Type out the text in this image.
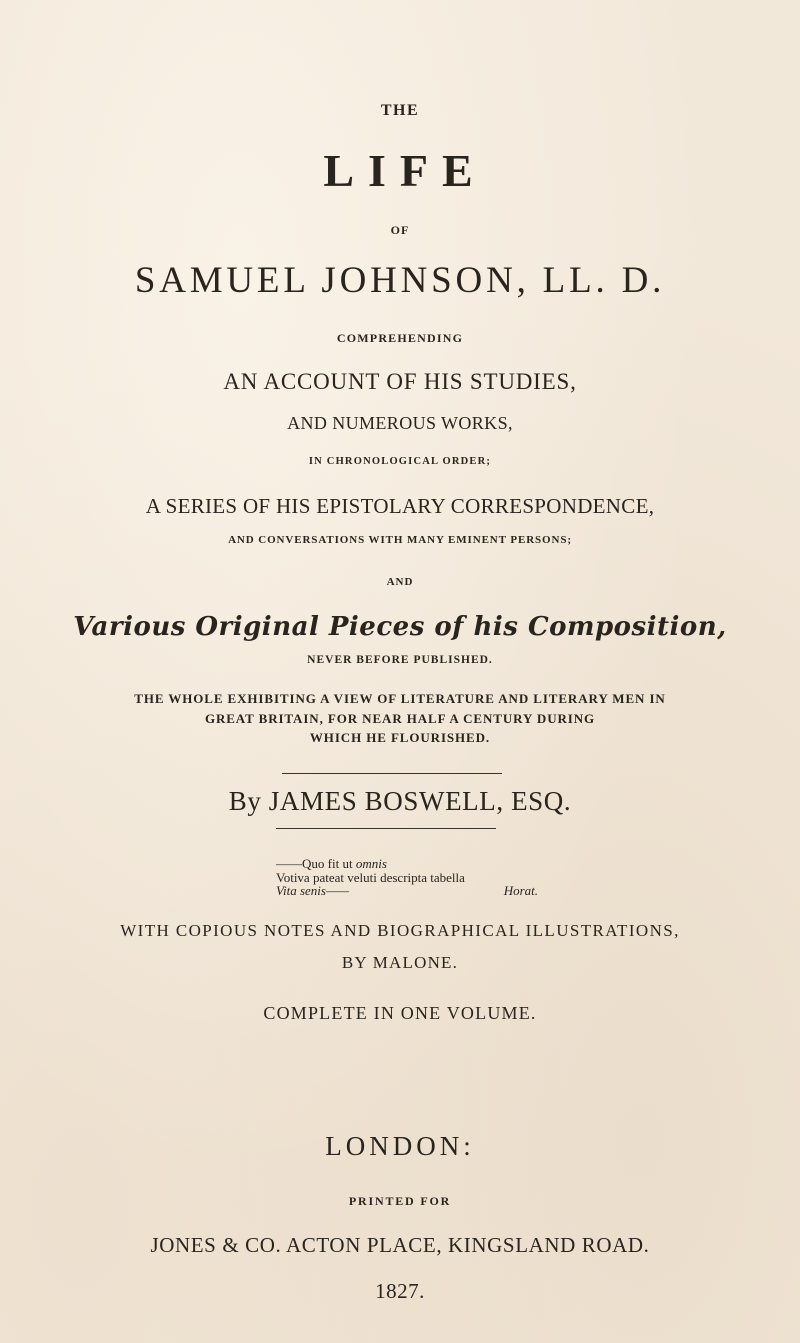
THE
LIFE
OF
SAMUEL JOHNSON, LL. D.
COMPREHENDING
AN ACCOUNT OF HIS STUDIES,
AND NUMEROUS WORKS,
IN CHRONOLOGICAL ORDER;
A SERIES OF HIS EPISTOLARY CORRESPONDENCE,
AND CONVERSATIONS WITH MANY EMINENT PERSONS;
AND
Various Original Pieces of his Composition,
NEVER BEFORE PUBLISHED.
THE WHOLE EXHIBITING A VIEW OF LITERATURE AND LITERARY MEN IN
GREAT BRITAIN, FOR NEAR HALF A CENTURY DURING
WHICH HE FLOURISHED.
By JAMES BOSWELL, ESQ.
——Quo fit ut omnis
Votiva pateat veluti descripta tabella
Vita senis——	Horat.
WITH COPIOUS NOTES AND BIOGRAPHICAL ILLUSTRATIONS,
BY MALONE.
COMPLETE IN ONE VOLUME.
LONDON:
PRINTED FOR
JONES & CO. ACTON PLACE, KINGSLAND ROAD.
1827.
